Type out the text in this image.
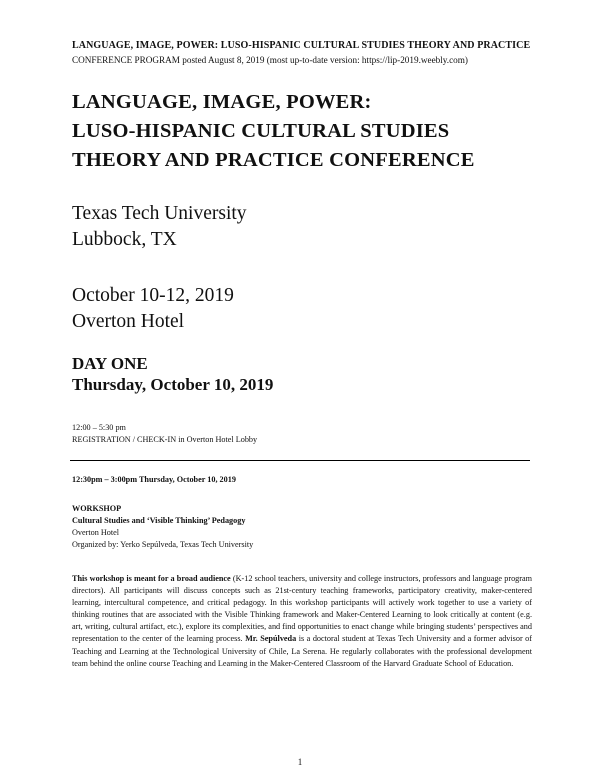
LANGUAGE, IMAGE, POWER: LUSO-HISPANIC CULTURAL STUDIES THEORY AND PRACTICE
CONFERENCE PROGRAM posted August 8, 2019 (most up-to-date version: https://lip-2019.weebly.com)
LANGUAGE, IMAGE, POWER:
LUSO-HISPANIC CULTURAL STUDIES
THEORY AND PRACTICE CONFERENCE
Texas Tech University
Lubbock, TX
October 10-12, 2019
Overton Hotel
DAY ONE
Thursday, October 10, 2019
12:00 – 5:30 pm
REGISTRATION / CHECK-IN in Overton Hotel Lobby
12:30pm – 3:00pm Thursday, October 10, 2019
WORKSHOP
Cultural Studies and ‘Visible Thinking’ Pedagogy
Overton Hotel
Organized by: Yerko Sepúlveda, Texas Tech University
This workshop is meant for a broad audience (K-12 school teachers, university and college instructors, professors and language program directors). All participants will discuss concepts such as 21st-century teaching frameworks, participatory creativity, maker-centered learning, intercultural competence, and critical pedagogy. In this workshop participants will actively work together to use a variety of thinking routines that are associated with the Visible Thinking framework and Maker-Centered Learning to look critically at content (e.g. art, writing, cultural artifact, etc.), explore its complexities, and find opportunities to enact change while bringing students’ perspectives and representation to the center of the learning process. Mr. Sepúlveda is a doctoral student at Texas Tech University and a former advisor of Teaching and Learning at the Technological University of Chile, La Serena. He regularly collaborates with the professional development team behind the online course Teaching and Learning in the Maker-Centered Classroom of the Harvard Graduate School of Education.
1
